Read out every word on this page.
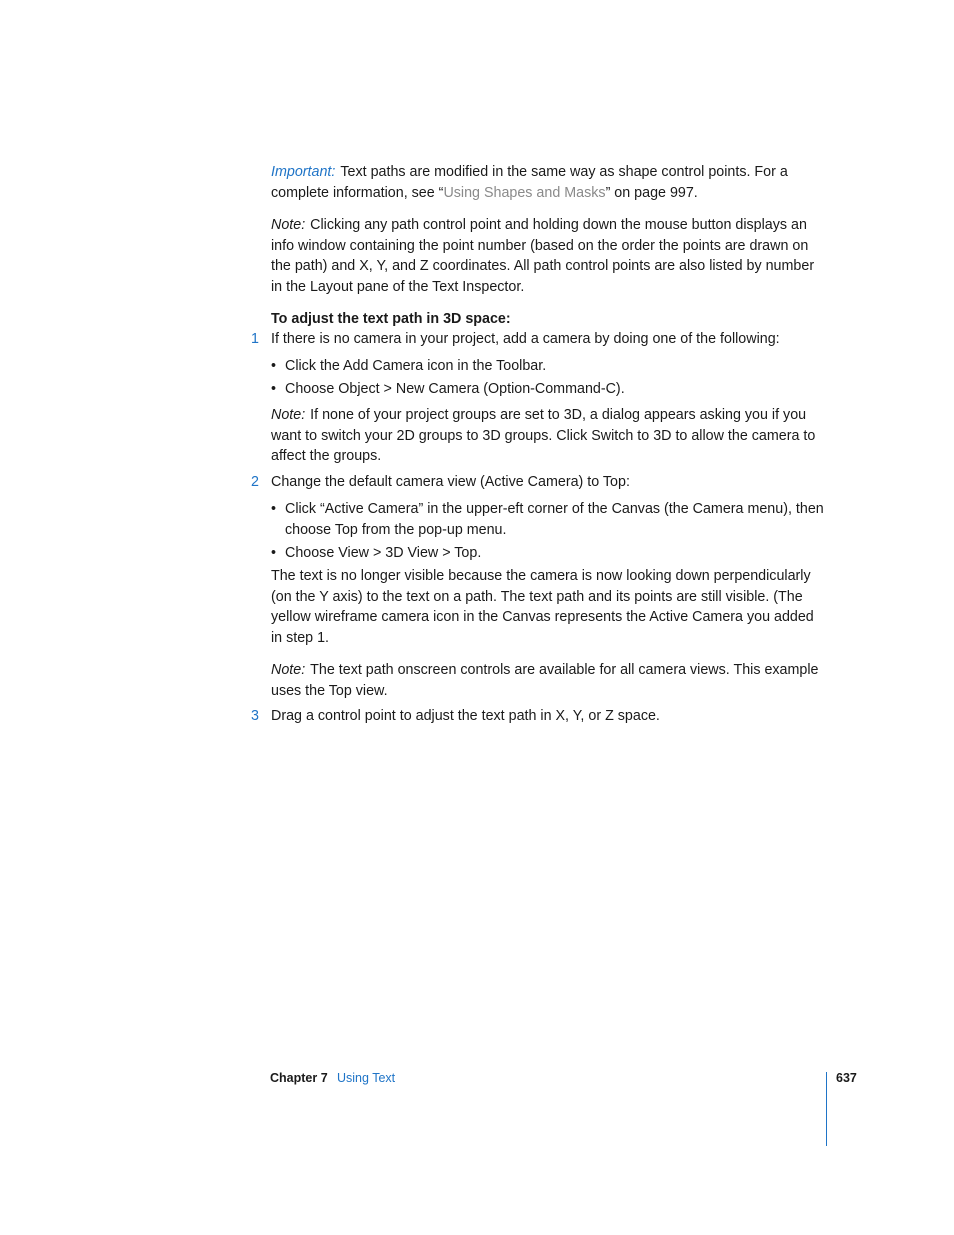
Important: Text paths are modified in the same way as shape control points. For a complete information, see “Using Shapes and Masks” on page 997.
Note: Clicking any path control point and holding down the mouse button displays an info window containing the point number (based on the order the points are drawn on the path) and X, Y, and Z coordinates. All path control points are also listed by number in the Layout pane of the Text Inspector.
To adjust the text path in 3D space:
1 If there is no camera in your project, add a camera by doing one of the following:
• Click the Add Camera icon in the Toolbar.
• Choose Object > New Camera (Option-Command-C).
Note: If none of your project groups are set to 3D, a dialog appears asking you if you want to switch your 2D groups to 3D groups. Click Switch to 3D to allow the camera to affect the groups.
2 Change the default camera view (Active Camera) to Top:
• Click “Active Camera” in the upper-eft corner of the Canvas (the Camera menu), then choose Top from the pop-up menu.
• Choose View > 3D View > Top.
The text is no longer visible because the camera is now looking down perpendicularly (on the Y axis) to the text on a path. The text path and its points are still visible. (The yellow wireframe camera icon in the Canvas represents the Active Camera you added in step 1.
Note: The text path onscreen controls are available for all camera views. This example uses the Top view.
3 Drag a control point to adjust the text path in X, Y, or Z space.
Chapter 7 Using Text	637
